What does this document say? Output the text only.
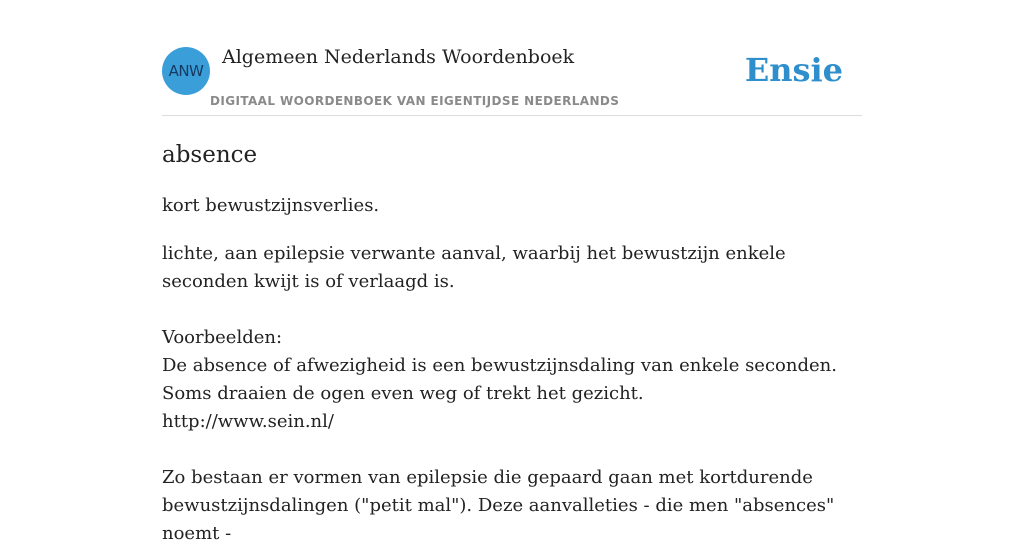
ANW
Algemeen Nederlands Woordenboek
DIGITAAL WOORDENBOEK VAN EIGENTIJDSE NEDERLANDS
Ensie
absence

kort bewustzijnsverlies.

lichte, aan epilepsie verwante aanval, waarbij het bewustzijn enkele seconden kwijt is of verlaagd is.

Voorbeelden:
De absence of afwezigheid is een bewustzijnsdaling van enkele seconden. Soms draaien de ogen even weg of trekt het gezicht.
http://www.sein.nl/

Zo bestaan er vormen van epilepsie die gepaard gaan met kortdurende bewustzijnsdalingen ("petit mal"). Deze aanvalleties - die men "absences" noemt -
